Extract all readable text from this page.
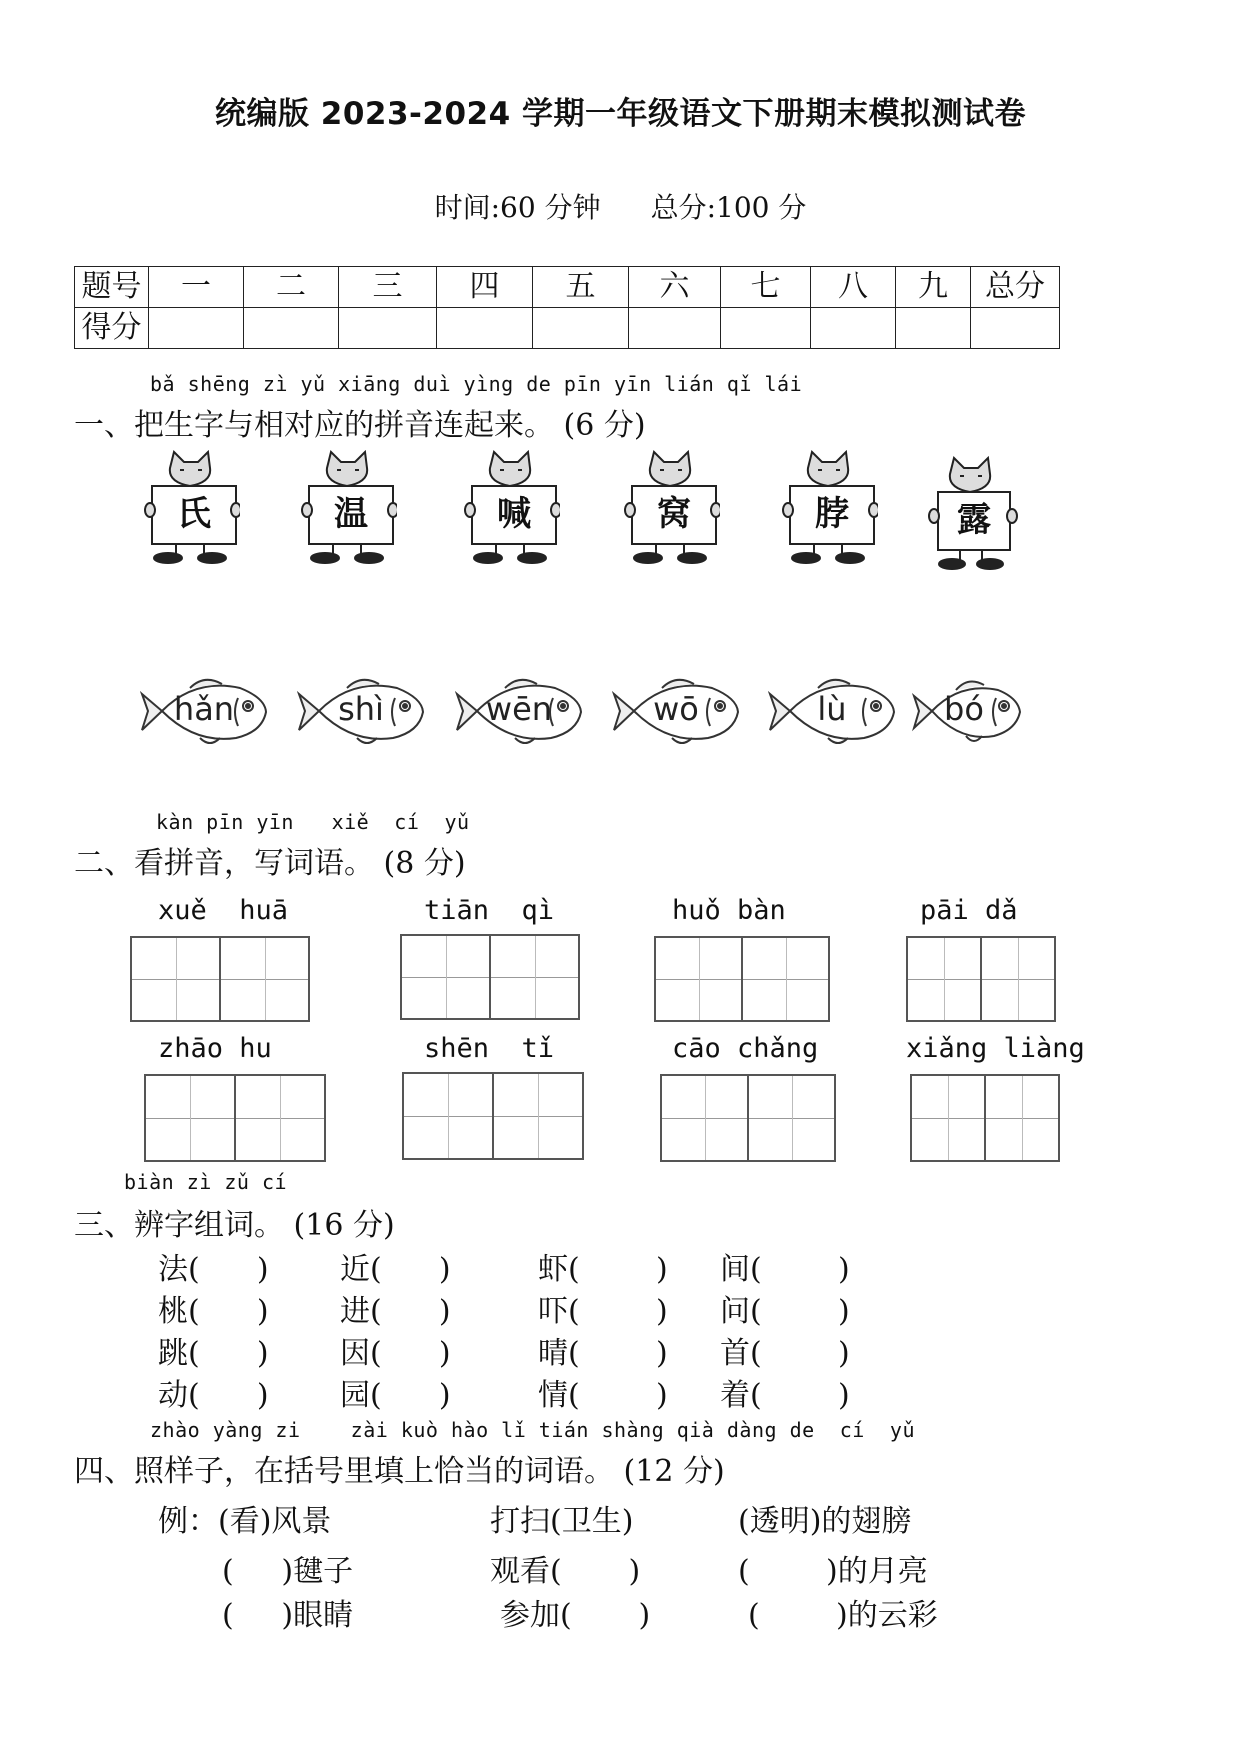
统编版 2023-2024 学期一年级语文下册期末模拟测试卷
时间:60 分钟 总分:100 分
题号	一	二	三	四	五	六	七	八	九	总分
得分										
bǎ shēng zì yǔ xiāng duì yìng de pīn yīn lián qǐ lái
一、把生字与相对应的拼音连起来。 (6 分)
氏	温	喊	窝	脖	露
hǎn	shì	wēn	wō	lù	bó
kàn pīn yīn   xiě  cí  yǔ
二、看拼音，写词语。 (8 分)
xuě  huā	tiān  qì	huǒ bàn	pāi dǎ
zhāo hu	shēn  tǐ	cāo chǎng	xiǎng liàng
biàn zì zǔ cí
三、辨字组词。 (16 分)
法(      ) 近(      )	虾(        ) 间(        )
桃(      ) 进(      )	吓(        ) 问(        )
跳(      ) 因(      )	晴(        ) 首(        )
动(      ) 园(      )	情(        ) 着(        )
zhào yàng zi    zài kuò hào lǐ tián shàng qià dàng de  cí  yǔ
四、照样子，在括号里填上恰当的词语。 (12 分)
例：(看)风景	打扫(卫生)	(透明)的翅膀
(     )毽子	观看(       )	(        )的月亮
(     )眼睛	参加(       )	(        )的云彩
